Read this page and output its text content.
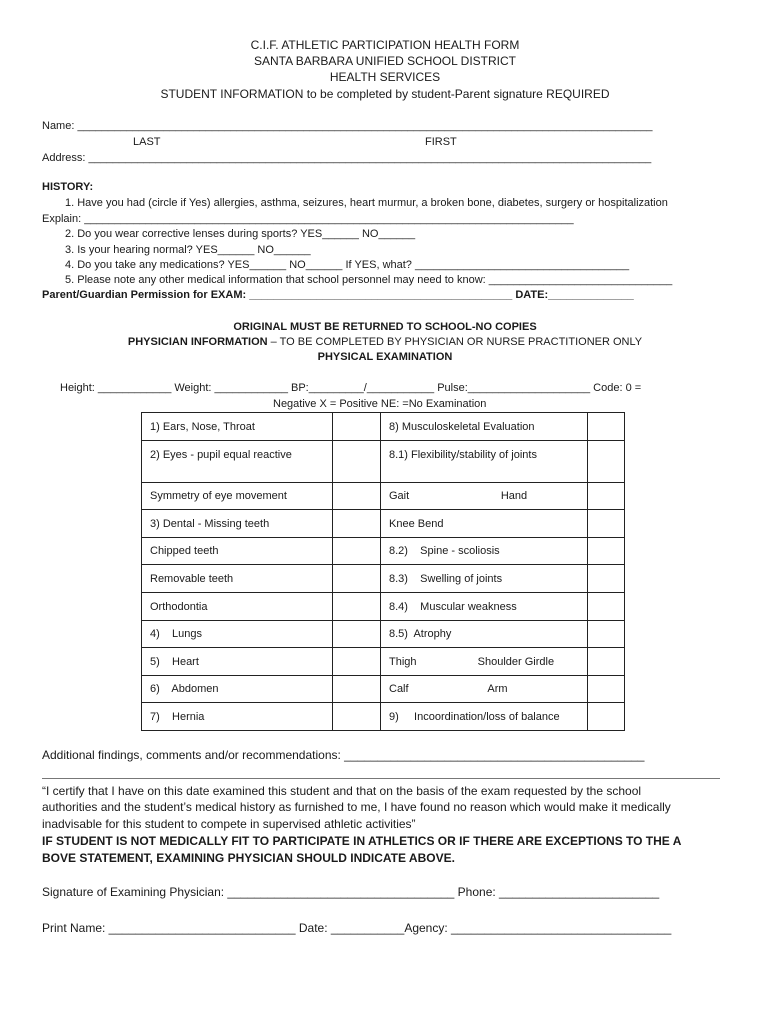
C.I.F. ATHLETIC PARTICIPATION HEALTH FORM
SANTA BARBARA UNIFIED SCHOOL DISTRICT
HEALTH SERVICES
STUDENT INFORMATION to be completed by student-Parent signature REQUIRED
Name: ______________________________________________________________________________________________
LAST	FIRST
Address: ____________________________________________________________________________________________
HISTORY:
1. Have you had (circle if Yes) allergies, asthma, seizures, heart murmur, a broken bone, diabetes, surgery or hospitalization
Explain: ________________________________________________________________________________
2. Do you wear corrective lenses during sports? YES______ NO______
3. Is your hearing normal? YES______ NO______
4. Do you take any medications? YES______ NO______ If YES, what? ___________________________________
5. Please note any other medical information that school personnel may need to know: ______________________________
Parent/Guardian Permission for EXAM: ___________________________________________ DATE:______________
ORIGINAL MUST BE RETURNED TO SCHOOL-NO COPIES
PHYSICIAN INFORMATION – TO BE COMPLETED BY PHYSICIAN OR NURSE PRACTITIONER ONLY
PHYSICAL EXAMINATION
Height: ____________ Weight: ____________ BP:_________/___________ Pulse:____________________ Code: 0 =
Negative X = Positive NE: =No Examination
1) Ears, Nose, Throat		8) Musculoskeletal Evaluation	
2) Eyes - pupil equal reactive		8.1) Flexibility/stability of joints	
Symmetry of eye movement		Gait                              Hand	
3) Dental - Missing teeth		Knee Bend	
Chipped teeth		8.2)    Spine - scoliosis	
Removable teeth		8.3)    Swelling of joints	
Orthodontia		8.4)    Muscular weakness	
4)    Lungs		8.5)  Atrophy	
5)    Heart		Thigh                    Shoulder Girdle	
6)    Abdomen		Calf                          Arm	
7)    Hernia		9)     Incoordination/loss of balance	
Additional findings, comments and/or recommendations: _____________________________________________
“I certify that I have on this date examined this student and that on the basis of the exam requested by the school
authorities and the student’s medical history as furnished to me, I have found no reason which would make it medically
inadvisable for this student to compete in supervised athletic activities”
IF STUDENT IS NOT MEDICALLY FIT TO PARTICIPATE IN ATHLETICS OR IF THERE ARE EXCEPTIONS TO THE A
BOVE STATEMENT, EXAMINING PHYSICIAN SHOULD INDICATE ABOVE.
Signature of Examining Physician: __________________________________ Phone: ________________________
Print Name: ____________________________ Date: ___________Agency: _________________________________
